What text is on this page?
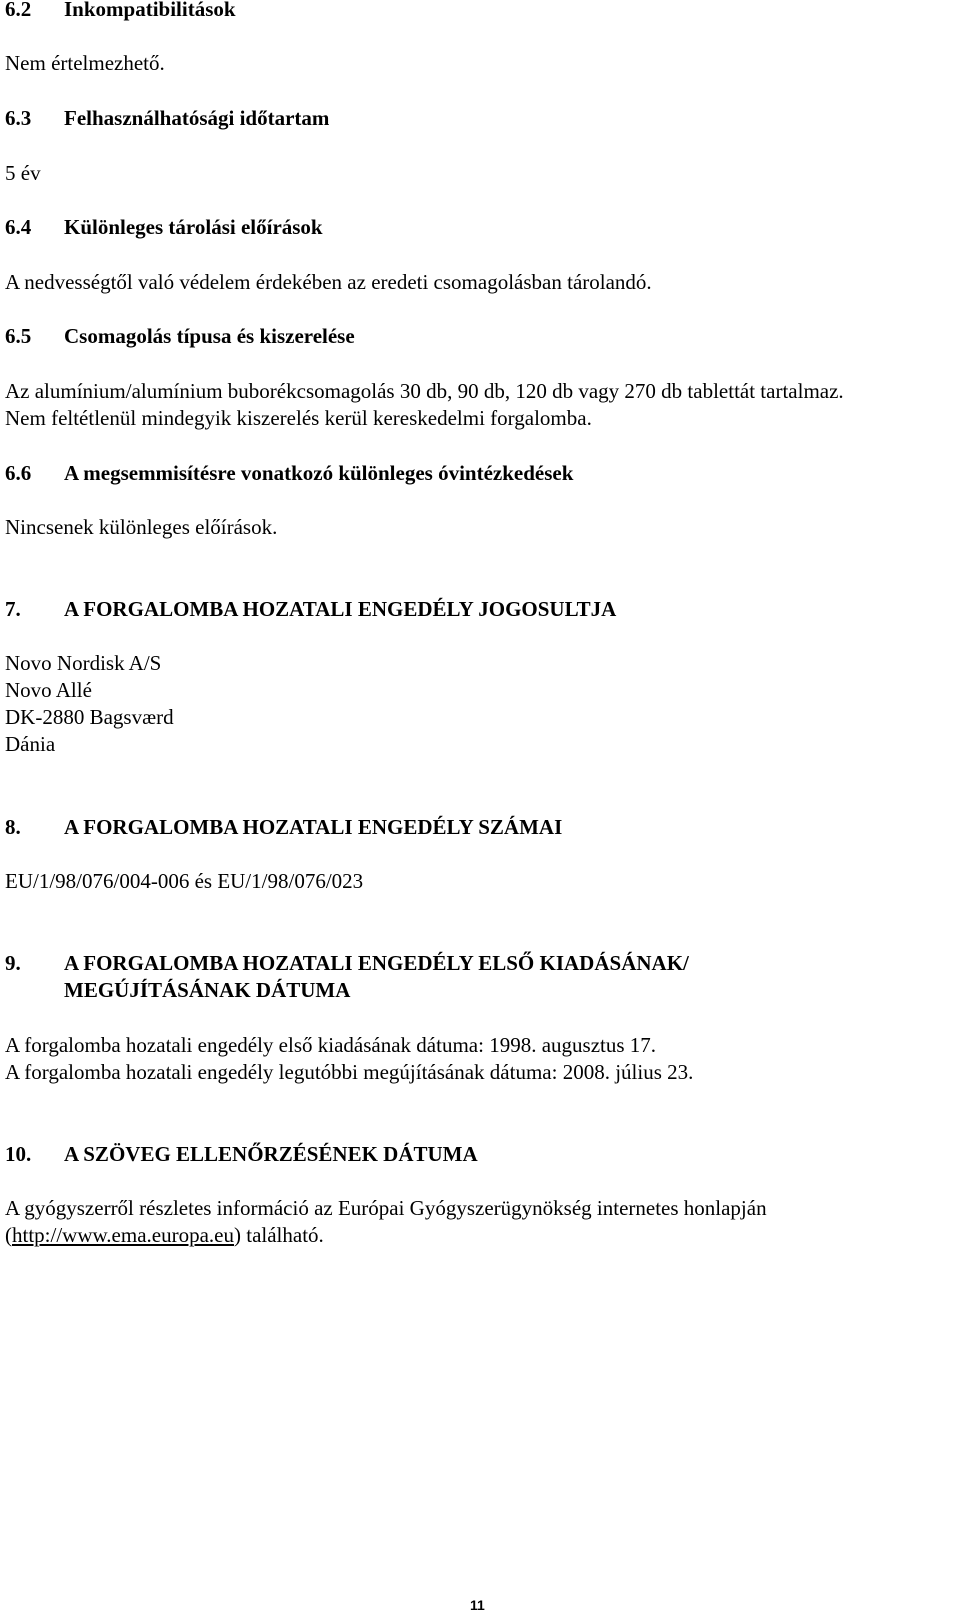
6.2 Inkompatibilitások
Nem értelmezhető.
6.3 Felhasználhatósági időtartam
5 év
6.4 Különleges tárolási előírások
A nedvességtől való védelem érdekében az eredeti csomagolásban tárolandó.
6.5 Csomagolás típusa és kiszerelése
Az alumínium/alumínium buborékcsomagolás 30 db, 90 db, 120 db vagy 270 db tablettát tartalmaz.
Nem feltétlenül mindegyik kiszerelés kerül kereskedelmi forgalomba.
6.6 A megsemmisítésre vonatkozó különleges óvintézkedések
Nincsenek különleges előírások.
7. A FORGALOMBA HOZATALI ENGEDÉLY JOGOSULTJA
Novo Nordisk A/S
Novo Allé
DK-2880 Bagsværd
Dánia
8. A FORGALOMBA HOZATALI ENGEDÉLY SZÁMAI
EU/1/98/076/004-006 és EU/1/98/076/023
9. A FORGALOMBA HOZATALI ENGEDÉLY ELSŐ KIADÁSÁNAK/
MEGÚJÍTÁSÁNAK DÁTUMA
A forgalomba hozatali engedély első kiadásának dátuma: 1998. augusztus 17.
A forgalomba hozatali engedély legutóbbi megújításának dátuma: 2008. július 23.
10. A SZÖVEG ELLENŐRZÉSÉNEK DÁTUMA
A gyógyszerről részletes információ az Európai Gyógyszerügynökség internetes honlapján
(http://www.ema.europa.eu) található.
11
